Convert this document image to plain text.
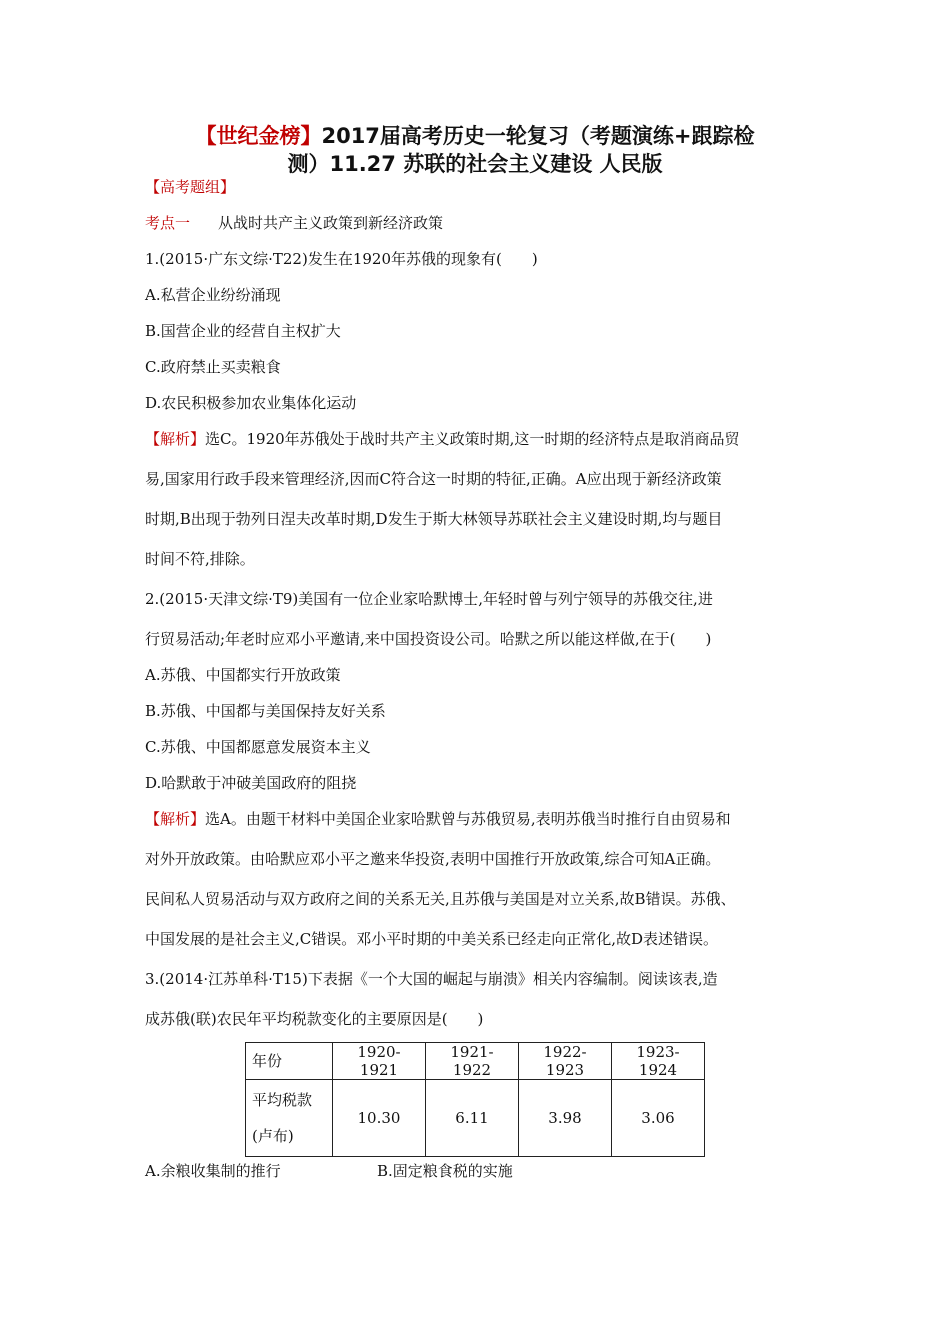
【世纪金榜】2017届高考历史一轮复习（考题演练+跟踪检
测）11.27 苏联的社会主义建设 人民版
【高考题组】
考点一 从战时共产主义政策到新经济政策
1.(2015·广东文综·T22)发生在1920年苏俄的现象有(　　)
A.私营企业纷纷涌现
B.国营企业的经营自主权扩大
C.政府禁止买卖粮食
D.农民积极参加农业集体化运动
【解析】选C。1920年苏俄处于战时共产主义政策时期,这一时期的经济特点是取消商品贸
易,国家用行政手段来管理经济,因而C符合这一时期的特征,正确。A应出现于新经济政策
时期,B出现于勃列日涅夫改革时期,D发生于斯大林领导苏联社会主义建设时期,均与题目
时间不符,排除。
2.(2015·天津文综·T9)美国有一位企业家哈默博士,年轻时曾与列宁领导的苏俄交往,进
行贸易活动;年老时应邓小平邀请,来中国投资设公司。哈默之所以能这样做,在于(　　)
A.苏俄、中国都实行开放政策
B.苏俄、中国都与美国保持友好关系
C.苏俄、中国都愿意发展资本主义
D.哈默敢于冲破美国政府的阻挠
【解析】选A。由题干材料中美国企业家哈默曾与苏俄贸易,表明苏俄当时推行自由贸易和
对外开放政策。由哈默应邓小平之邀来华投资,表明中国推行开放政策,综合可知A正确。
民间私人贸易活动与双方政府之间的关系无关,且苏俄与美国是对立关系,故B错误。苏俄、
中国发展的是社会主义,C错误。邓小平时期的中美关系已经走向正常化,故D表述错误。
3.(2014·江苏单科·T15)下表据《一个大国的崛起与崩溃》相关内容编制。阅读该表,造
成苏俄(联)农民年平均税款变化的主要原因是(　　)
年份	1920-1921	1921-1922	1922-1923	1923-1924

平均税款
(卢布)	10.30	6.11	3.98	3.06
A.余粮收集制的推行	B.固定粮食税的实施
